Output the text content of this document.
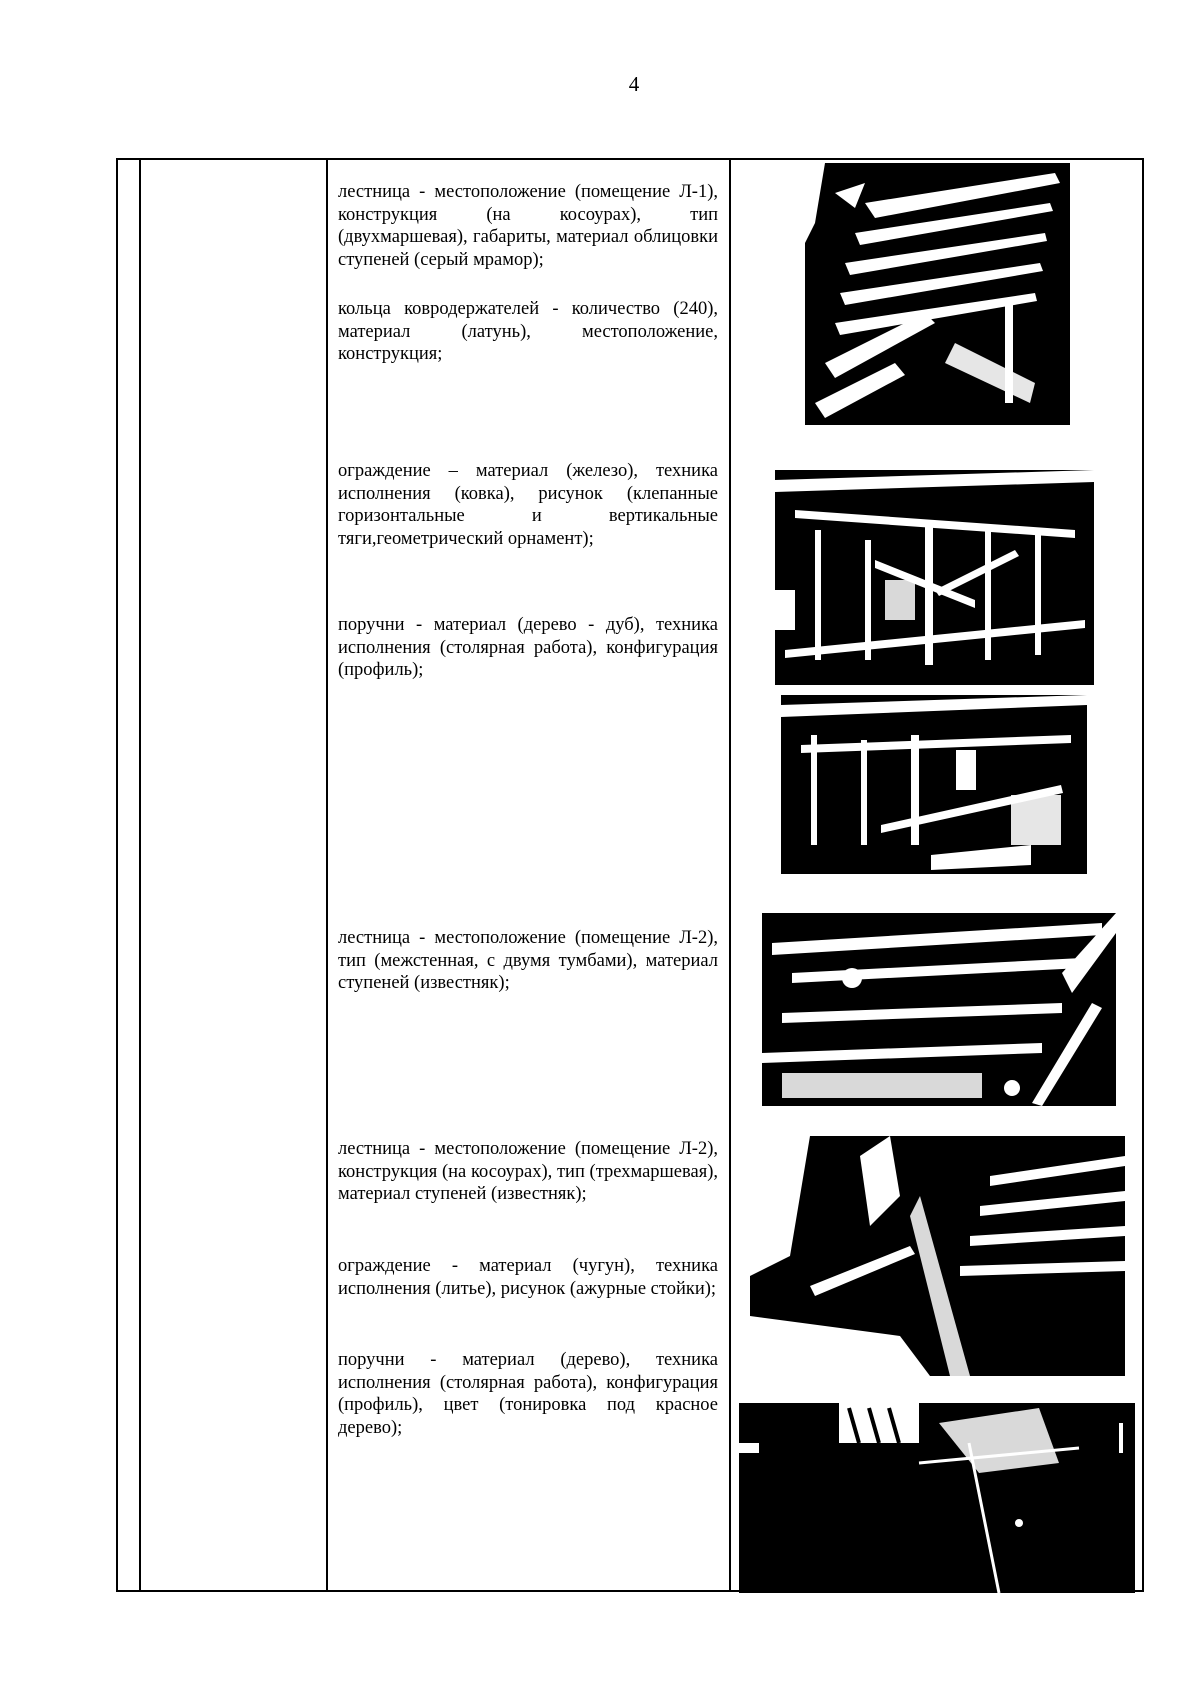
4

лестница - местоположение (помещение Л-1), конструкция (на косоурах), тип (двухмаршевая), габариты, материал облицовки ступеней (серый мрамор);

кольца ковродержателей - количество (240), материал (латунь), местоположение, конструкция;

ограждение – материал (железо), техника исполнения (ковка), рисунок (клепанные горизонтальные и вертикальные тяги,геометрический орнамент);

поручни - материал (дерево - дуб), техника исполнения (столярная работа), конфигурация (профиль);

лестница - местоположение (помещение Л-2), тип (межстенная, с двумя тумбами), материал ступеней (известняк);

лестница - местоположение (помещение Л-2), конструкция (на косоурах), тип (трехмаршевая), материал ступеней (известняк);

ограждение - материал (чугун), техника исполнения (литье), рисунок (ажурные стойки);

поручни - материал (дерево), техника исполнения (столярная работа), конфигурация (профиль), цвет (тонировка под красное дерево);
